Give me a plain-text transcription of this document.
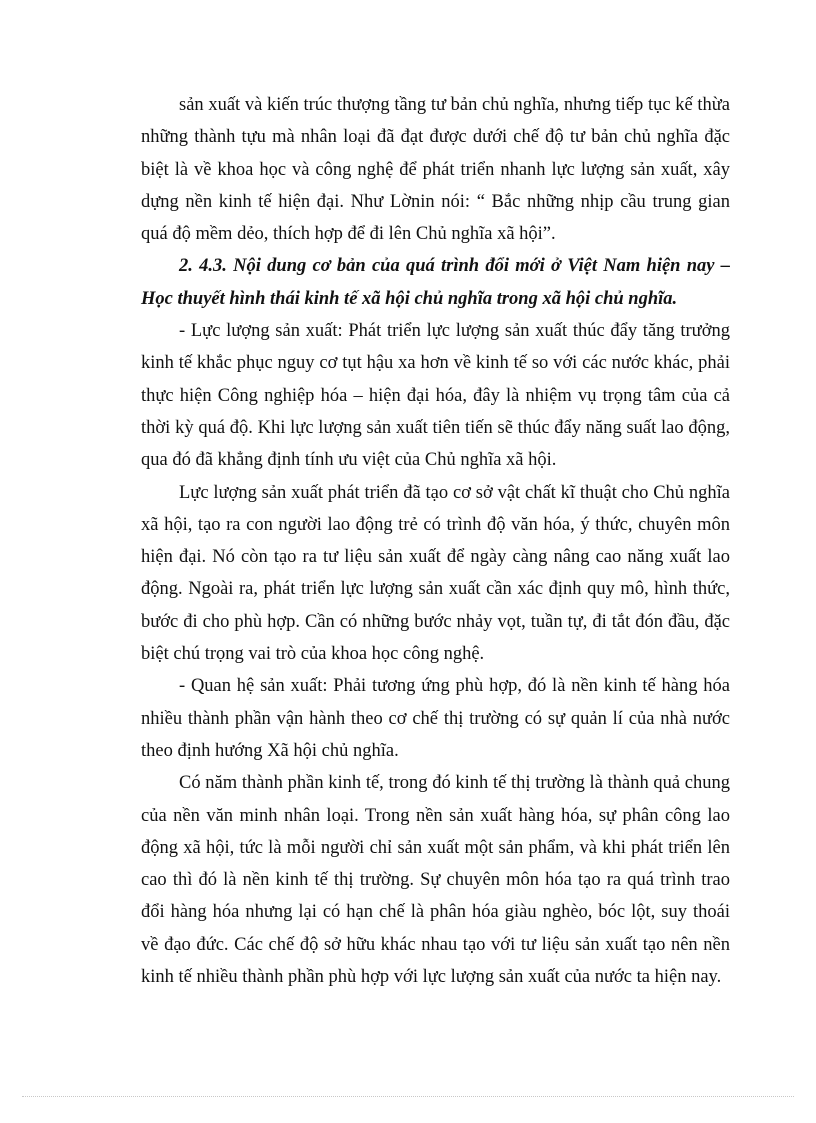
sản xuất và kiến trúc thượng tầng tư bản chủ nghĩa, nhưng tiếp tục kế thừa những thành tựu mà nhân loại đã đạt được dưới chế độ tư bản chủ nghĩa đặc biệt là về khoa học và công nghệ để phát triển nhanh lực lượng sản xuất, xây dựng nền kinh tế hiện đại. Như Lờnin nói: “ Bắc những nhịp cầu trung gian quá độ mềm dẻo, thích hợp để đi lên Chủ nghĩa xã hội”.

2. 4.3. Nội dung cơ bản của quá trình đổi mới ở Việt Nam hiện nay – Học thuyết hình thái kinh tế xã hội chủ nghĩa trong xã hội chủ nghĩa.

- Lực lượng sản xuất: Phát triển lực lượng sản xuất thúc đẩy tăng trưởng kinh tế khắc phục nguy cơ tụt hậu xa hơn về kinh tế so với các nước khác, phải thực hiện Công nghiệp hóa – hiện đại hóa, đây là nhiệm vụ trọng tâm của cả thời kỳ quá độ. Khi lực lượng sản xuất tiên tiến sẽ thúc đẩy năng suất lao động, qua đó đã khẳng định tính ưu việt của Chủ nghĩa xã hội.

Lực lượng sản xuất phát triển đã tạo cơ sở vật chất kĩ thuật cho Chủ nghĩa xã hội, tạo ra con người lao động trẻ có trình độ văn hóa, ý thức, chuyên môn hiện đại. Nó còn tạo ra tư liệu sản xuất để ngày càng nâng cao năng xuất lao động. Ngoài ra, phát triển lực lượng sản xuất cần xác định quy mô, hình thức, bước đi cho phù hợp. Cần có những bước nhảy vọt, tuần tự, đi tắt đón đầu, đặc biệt chú trọng vai trò của khoa học công nghệ.

- Quan hệ sản xuất: Phải tương ứng phù hợp, đó là nền kinh tế hàng hóa nhiều thành phần vận hành theo cơ chế thị trường có sự quản lí của nhà nước theo định hướng Xã hội chủ nghĩa.

Có năm thành phần kinh tế, trong đó kinh tế thị trường là thành quả chung của nền văn minh nhân loại. Trong nền sản xuất hàng hóa, sự phân công lao động xã hội, tức là mỗi người chỉ sản xuất một sản phẩm, và khi phát triển lên cao thì đó là nền kinh tế thị trường. Sự chuyên môn hóa tạo ra quá trình trao đổi hàng hóa nhưng lại có hạn chế là phân hóa giàu nghèo, bóc lột, suy thoái về đạo đức. Các chế độ sở hữu khác nhau tạo với tư liệu sản xuất tạo nên nền kinh tế nhiều thành phần phù hợp với lực lượng sản xuất của nước ta hiện nay.
